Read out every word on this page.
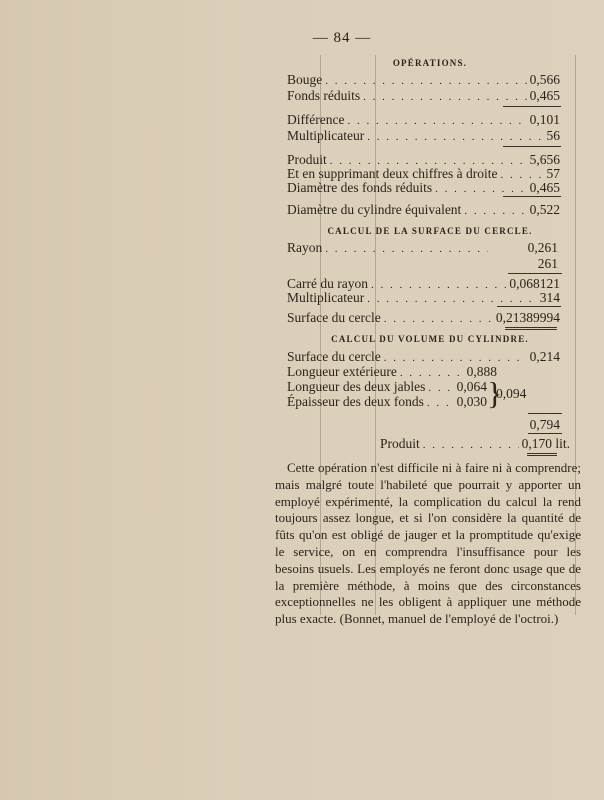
— 84 —
OPÉRATIONS.
Bouge . . .	0,566
Fonds réduits . . .	0,465
Différence . . .	0,101
Multiplicateur . . .	56
Produit . . .	5,656
Et en supprimant deux chiffres à droite . . .	57
Diamètre des fonds réduits . . .	0,465
Diamètre du cylindre équivalent . . .	0,522
CALCUL DE LA SURFACE DU CERCLE.
Rayon . . .	0,261
261
Carré du rayon . . .	0,068121
Multiplicateur . . .	314
Surface du cercle . . .	0,21389994
CALCUL DU VOLUME DU CYLINDRE.
Surface du cercle . . .	0,214
Longueur extérieure . . .	0,888
Longueur des deux jables . . . 0,064
Épaisseur des deux fonds . . . 0,030 }
0,094
0,794
Produit . . .	0,170 lit.
Cette opération n'est difficile ni à faire ni à comprendre; mais malgré toute l'habileté que pourrait y apporter un employé expérimenté, la complication du calcul la rend toujours assez longue, et si l'on considère la quantité de fûts qu'on est obligé de jauger et la promptitude qu'exige le service, on en comprendra l'insuffisance pour les besoins usuels. Les employés ne feront donc usage que de la première méthode, à moins que des circonstances exceptionnelles ne les obligent à appliquer une méthode plus exacte. (Bonnet, manuel de l'employé de l'octroi.)
